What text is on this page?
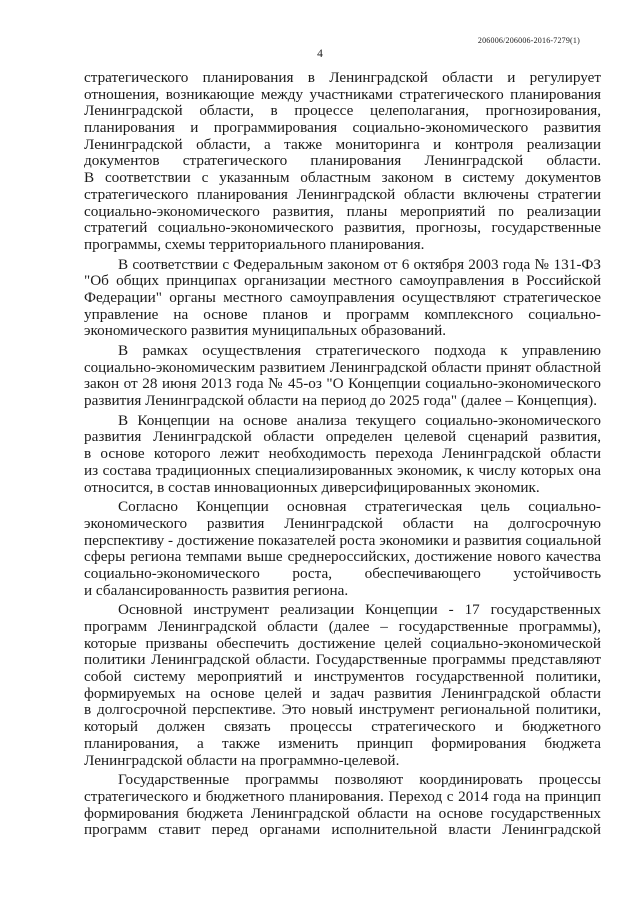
206006/206006-2016-7279(1)
4
стратегического планирования в Ленинградской области и регулирует
отношения, возникающие между участниками стратегического планирования
Ленинградской области, в процессе целеполагания, прогнозирования,
планирования и программирования социально-экономического развития
Ленинградской области, а также мониторинга и контроля реализации
документов стратегического планирования Ленинградской области.
В соответствии с указанным областным законом в систему документов
стратегического планирования Ленинградской области включены стратегии
социально-экономического развития, планы мероприятий по реализации
стратегий социально-экономического развития, прогнозы, государственные
программы, схемы территориального планирования.
В соответствии с Федеральным законом от 6 октября 2003 года № 131-ФЗ
"Об общих принципах организации местного самоуправления в Российской
Федерации" органы местного самоуправления осуществляют стратегическое
управление на основе планов и программ комплексного социально-
экономического развития муниципальных образований.
В рамках осуществления стратегического подхода к управлению
социально-экономическим развитием Ленинградской области принят областной
закон от 28 июня 2013 года № 45-оз "О Концепции социально-экономического
развития Ленинградской области на период до 2025 года" (далее – Концепция).
В Концепции на основе анализа текущего социально-экономического
развития Ленинградской области определен целевой сценарий развития,
в основе которого лежит необходимость перехода Ленинградской области
из состава традиционных специализированных экономик, к числу которых она
относится, в состав инновационных диверсифицированных экономик.
Согласно Концепции основная стратегическая цель социально-
экономического развития Ленинградской области на долгосрочную
перспективу - достижение показателей роста экономики и развития социальной
сферы региона темпами выше среднероссийских, достижение нового качества
социально-экономического роста, обеспечивающего устойчивость
и сбалансированность развития региона.
Основной инструмент реализации Концепции - 17 государственных
программ Ленинградской области (далее – государственные программы),
которые призваны обеспечить достижение целей социально-экономической
политики Ленинградской области. Государственные программы представляют
собой систему мероприятий и инструментов государственной политики,
формируемых на основе целей и задач развития Ленинградской области
в долгосрочной перспективе. Это новый инструмент региональной политики,
который должен связать процессы стратегического и бюджетного
планирования, а также изменить принцип формирования бюджета
Ленинградской области на программно-целевой.
Государственные программы позволяют координировать процессы
стратегического и бюджетного планирования. Переход с 2014 года на принцип
формирования бюджета Ленинградской области на основе государственных
программ ставит перед органами исполнительной власти Ленинградской
